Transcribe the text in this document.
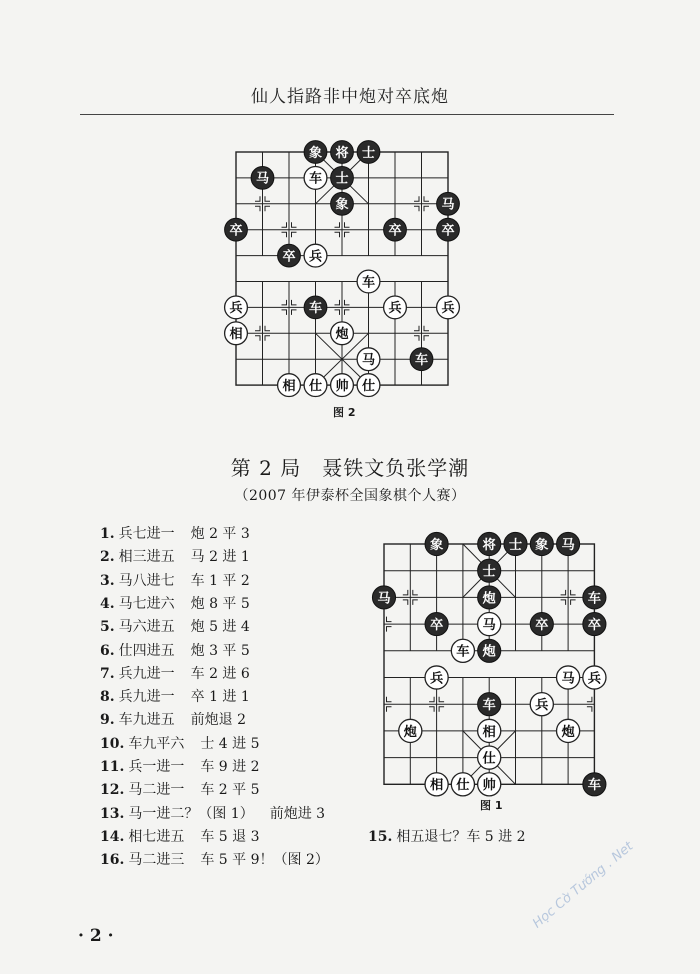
仙人指路非中炮对卒底炮
象 将 士
马	车 士
象	马
卒	卒	卒
卒 兵
车
兵	车	兵	兵
相	炮
马	车
相 仕 帅 仕
图 2
第 2 局　聂铁文负张学潮
（2007 年伊泰杯全国象棋个人赛）
1. 兵七进一 炮 2 平 3
2. 相三进五 马 2 进 1
3. 马八进七 车 1 平 2
4. 马七进六 炮 8 平 5
5. 马六进五 炮 5 进 4
6. 仕四进五 炮 3 平 5
7. 兵九进一 车 2 进 6
8. 兵九进一 卒 1 进 1
9. 车九进五 前炮退 2
10. 车九平六 士 4 进 5
11. 兵一进一 车 9 进 2
12. 马二进一 车 2 平 5
13. 马一进二？（图 1） 前炮进 3
14. 相七进五 车 5 退 3
16. 马二进三 车 5 平 9！（图 2）
象	将 士 象 马
士
马	炮	车
卒	马	卒	卒
车 炮
兵	马 兵
车	兵
炮	相	炮
仕
相 仕 帅	车
图 1
15. 相五退七？车 5 进 2
· 2 ·
Học Cờ Tướng . Net
